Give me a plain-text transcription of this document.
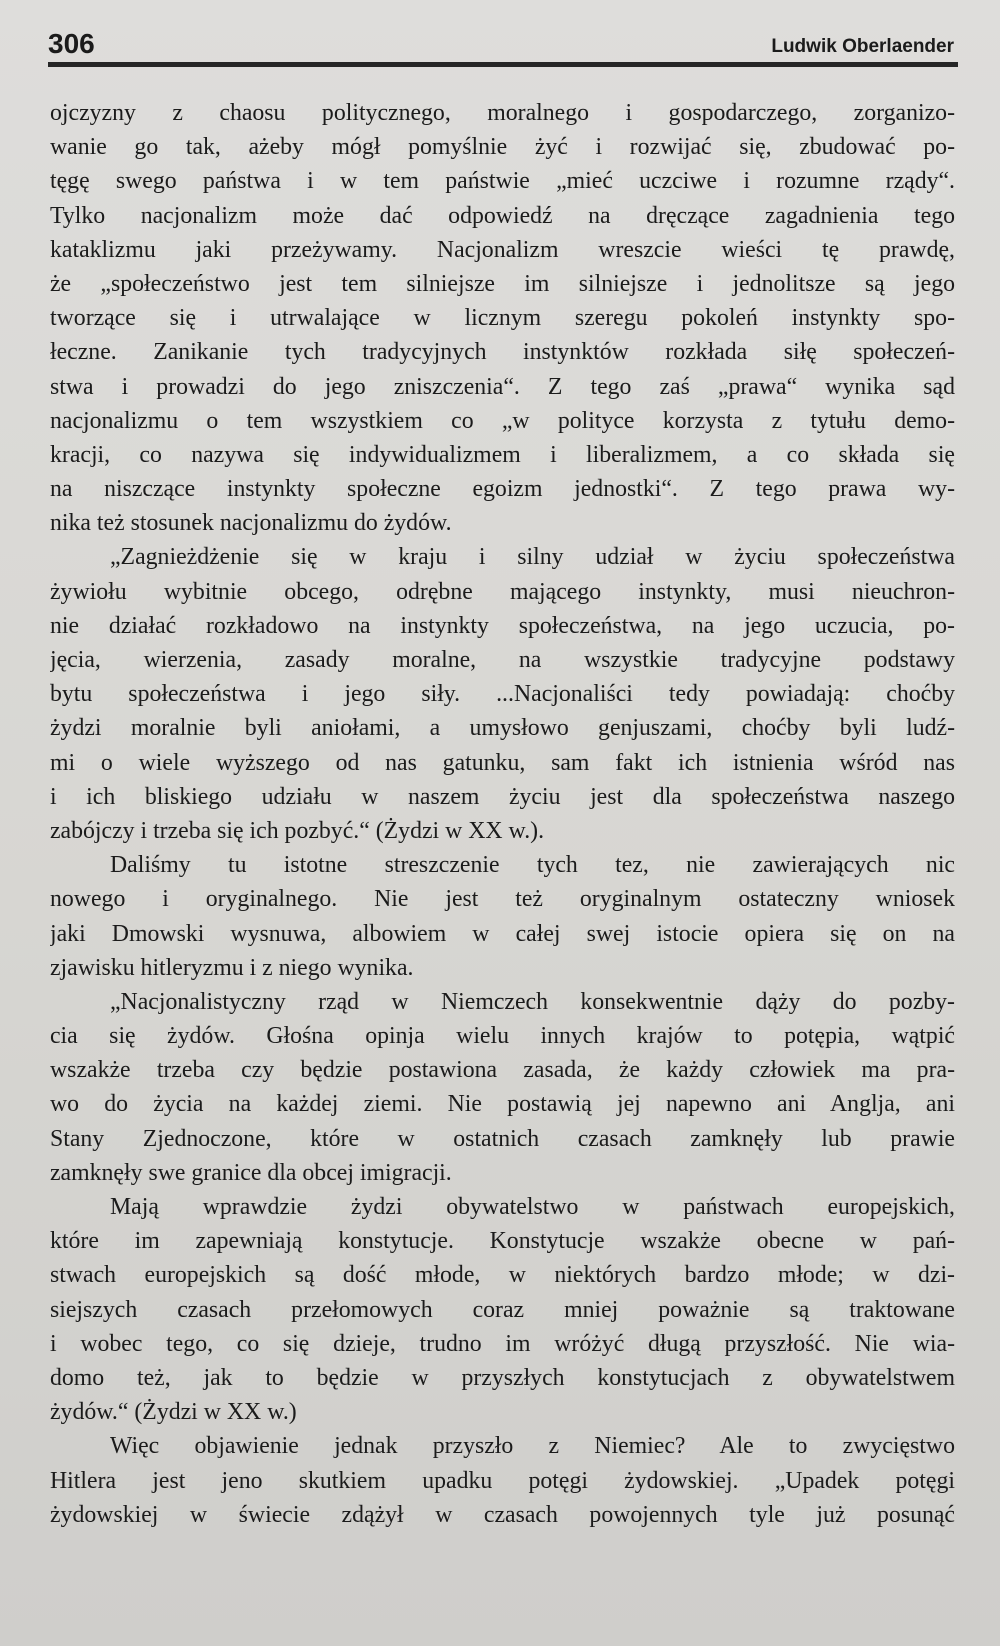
306	Ludwik Oberlaender
ojczyzny z chaosu politycznego, moralnego i gospodarczego, zorganizo-
wanie go tak, ażeby mógł pomyślnie żyć i rozwijać się, zbudować po-
tęgę swego państwa i w tem państwie „mieć uczciwe i rozumne rządy“.
Tylko nacjonalizm może dać odpowiedź na dręczące zagadnienia tego
kataklizmu jaki przeżywamy. Nacjonalizm wreszcie wieści tę prawdę,
że „społeczeństwo jest tem silniejsze im silniejsze i jednolitsze są jego
tworzące się i utrwalające w licznym szeregu pokoleń instynkty spo-
łeczne. Zanikanie tych tradycyjnych instynktów rozkłada siłę społeczeń-
stwa i prowadzi do jego zniszczenia“. Z tego zaś „prawa“ wynika sąd
nacjonalizmu o tem wszystkiem co „w polityce korzysta z tytułu demo-
kracji, co nazywa się indywidualizmem i liberalizmem, a co składa się
na niszczące instynkty społeczne egoizm jednostki“. Z tego prawa wy-
nika też stosunek nacjonalizmu do żydów.
„Zagnieżdżenie się w kraju i silny udział w życiu społeczeństwa
żywiołu wybitnie obcego, odrębne mającego instynkty, musi nieuchron-
nie działać rozkładowo na instynkty społeczeństwa, na jego uczucia, po-
jęcia, wierzenia, zasady moralne, na wszystkie tradycyjne podstawy
bytu społeczeństwa i jego siły. ...Nacjonaliści tedy powiadają: choćby
żydzi moralnie byli aniołami, a umysłowo genjuszami, choćby byli ludź-
mi o wiele wyższego od nas gatunku, sam fakt ich istnienia wśród nas
i ich bliskiego udziału w naszem życiu jest dla społeczeństwa naszego
zabójczy i trzeba się ich pozbyć.“ (Żydzi w XX w.).
Daliśmy tu istotne streszczenie tych tez, nie zawierających nic
nowego i oryginalnego. Nie jest też oryginalnym ostateczny wniosek
jaki Dmowski wysnuwa, albowiem w całej swej istocie opiera się on na
zjawisku hitleryzmu i z niego wynika.
„Nacjonalistyczny rząd w Niemczech konsekwentnie dąży do pozby-
cia się żydów. Głośna opinja wielu innych krajów to potępia, wątpić
wszakże trzeba czy będzie postawiona zasada, że każdy człowiek ma pra-
wo do życia na każdej ziemi. Nie postawią jej napewno ani Anglja, ani
Stany Zjednoczone, które w ostatnich czasach zamknęły lub prawie
zamknęły swe granice dla obcej imigracji.
Mają wprawdzie żydzi obywatelstwo w państwach europejskich,
które im zapewniają konstytucje. Konstytucje wszakże obecne w pań-
stwach europejskich są dość młode, w niektórych bardzo młode; w dzi-
siejszych czasach przełomowych coraz mniej poważnie są traktowane
i wobec tego, co się dzieje, trudno im wróżyć długą przyszłość. Nie wia-
domo też, jak to będzie w przyszłych konstytucjach z obywatelstwem
żydów.“ (Żydzi w XX w.)
Więc objawienie jednak przyszło z Niemiec? Ale to zwycięstwo
Hitlera jest jeno skutkiem upadku potęgi żydowskiej. „Upadek potęgi
żydowskiej w świecie zdążył w czasach powojennych tyle już posunąć
